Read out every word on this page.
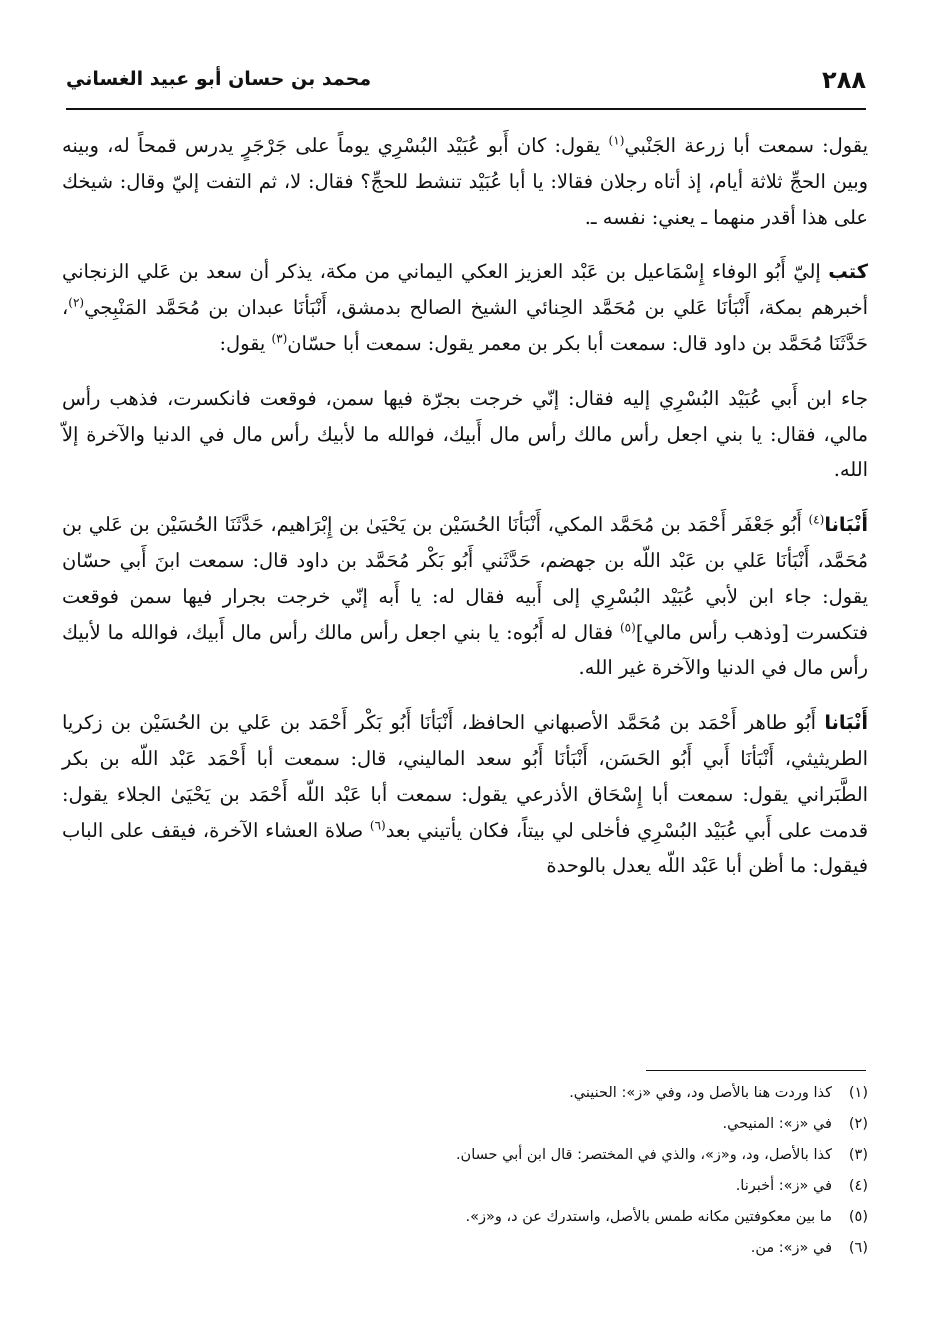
٢٨٨
محمد بن حسان أبو عبيد الغساني

يقول: سمعت أبا زرعة الجَنْبي$^{(١)}$ يقول: كان أَبو عُبَيْد البُسْرِي يوماً على جَرْجَرٍ يدرس قمحاً له، وبينه وبين الحجِّ ثلاثة أيام، إذ أتاه رجلان فقالا: يا أبا عُبَيْد تنشط للحجِّ؟ فقال: لا، ثم التفت إليّ وقال: شيخك على هذا أقدر منهما ـ يعني: نفسه ـ.

كتب إليّ أَبُو الوفاء إِسْمَاعيل بن عَبْد العزيز العكي اليماني من مكة، يذكر أن سعد بن عَلي الزنجاني أخبرهم بمكة، أَنْبَأنَا عَلي بن مُحَمَّد الحِنائي الشيخ الصالح بدمشق، أَنْبَأنَا عبدان بن مُحَمَّد المَنْبِجي$^{(٢)}$، حَدَّثَنَا مُحَمَّد بن داود قال: سمعت أبا بكر بن معمر يقول: سمعت أبا حسّان$^{(٣)}$ يقول:

جاء ابن أَبي عُبَيْد البُسْرِي إليه فقال: إنّي خرجت بجرّة فيها سمن، فوقعت فانكسرت، فذهب رأس مالي، فقال: يا بني اجعل رأس مالك رأس مال أَبيك، فوالله ما لأبيك رأس مال في الدنيا والآخرة إلاّ الله.

أَنْبَانا$^{(٤)}$ أَبُو جَعْفَر أَحْمَد بن مُحَمَّد المكي، أَنْبَأنَا الحُسَيْن بن يَحْيَىٰ بن إِبْرَاهيم، حَدَّثَنَا الحُسَيْن بن عَلي بن مُحَمَّد، أَنْبَأنَا عَلي بن عَبْد اللّه بن جهضم، حَدَّثَني أَبُو بَكْر مُحَمَّد بن داود قال: سمعت ابنَ أَبي حسّان يقول: جاء ابن لأبي عُبَيْد البُسْرِي إلى أَبيه فقال له: يا أَبه إنّي خرجت بجرار فيها سمن فوقعت فتكسرت [وذهب رأس مالي]$^{(٥)}$ فقال له أَبُوه: يا بني اجعل رأس مالك رأس مال أَبيك، فوالله ما لأبيك رأس مال في الدنيا والآخرة غير الله.

أَنْبَانا أَبُو طاهر أَحْمَد بن مُحَمَّد الأصبهاني الحافظ، أَنْبَأنَا أَبُو بَكْر أَحْمَد بن عَلي بن الحُسَيْن بن زكريا الطريثيثي، أَنْبَأنَا أَبي أَبُو الحَسَن، أَنْبَأنَا أَبُو سعد الماليني، قال: سمعت أبا أَحْمَد عَبْد اللّه بن بكر الطَّبَراني يقول: سمعت أبا إِسْحَاق الأذرعي يقول: سمعت أبا عَبْد اللّه أَحْمَد بن يَحْيَىٰ الجلاء يقول: قدمت على أَبي عُبَيْد البُسْرِي فأخلى لي بيتاً، فكان يأتيني بعد$^{(٦)}$ صلاة العشاء الآخرة، فيقف على الباب فيقول: ما أظن أبا عَبْد اللّه يعدل بالوحدة

(١)كذا وردت هنا بالأصل ود، وفي «ز»: الحنيني.
(٢)في «ز»: المنيحي.
(٣)كذا بالأصل، ود، و«ز»، والذي في المختصر: قال ابن أبي حسان.
(٤)في «ز»: أخبرنا.
(٥)ما بين معكوفتين مكانه طمس بالأصل، واستدرك عن د، و«ز».
(٦)في «ز»: من.
